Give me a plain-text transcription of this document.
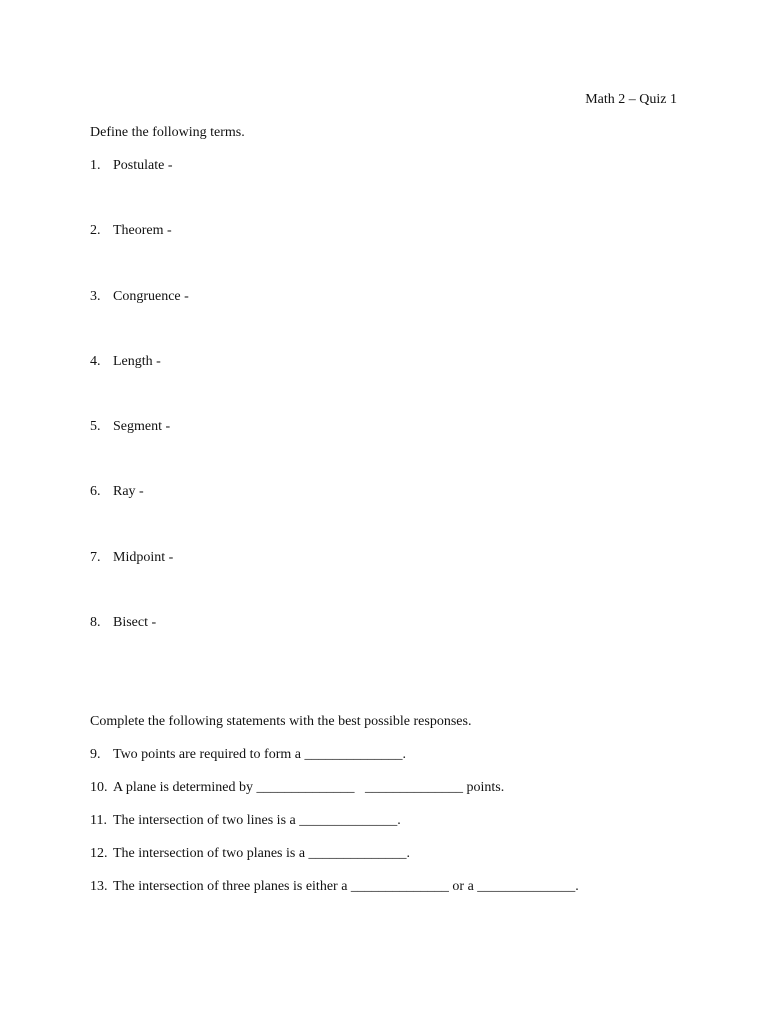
Math 2 – Quiz 1
Define the following terms.
1. Postulate -
2. Theorem -
3. Congruence -
4. Length -
5. Segment -
6. Ray -
7. Midpoint -
8. Bisect -
Complete the following statements with the best possible responses.
9. Two points are required to form a ______________.
10. A plane is determined by ______________   ______________ points.
11. The intersection of two lines is a ______________.
12. The intersection of two planes is a ______________.
13. The intersection of three planes is either a ______________ or a ______________.
